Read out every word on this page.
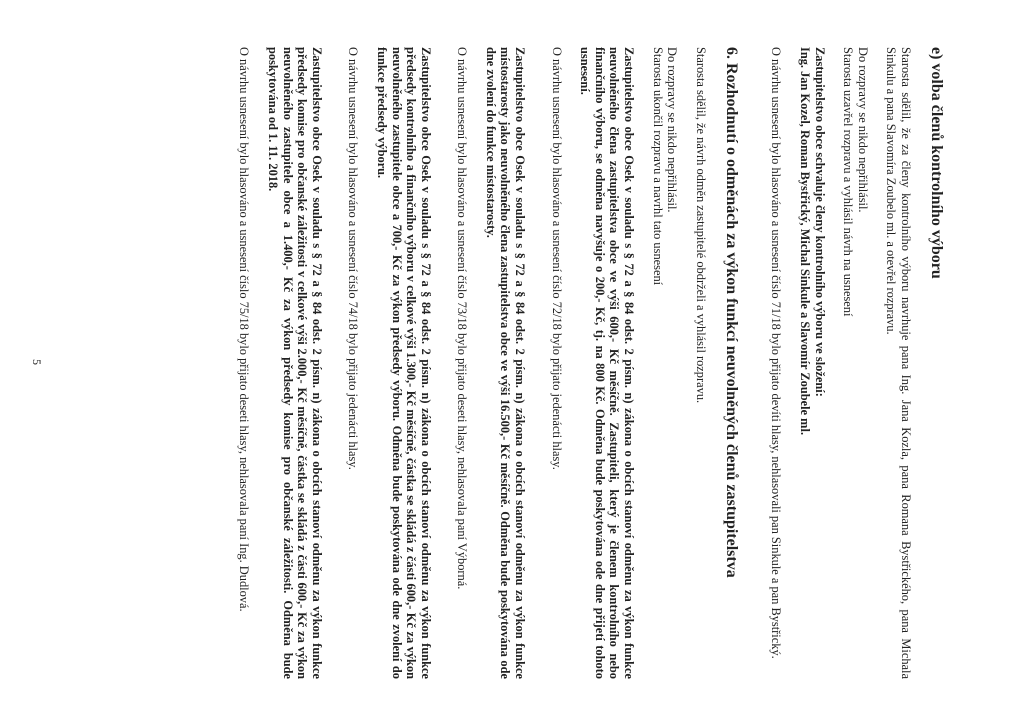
e) volba členů kontrolního výboru

Starosta sdělil, že za členy kontrolního výboru navrhuje pana Ing. Jana Kozla, pana Romana Bystřického, pana Michala Sinkulu a pana Slavomíra Zoubelo ml. a otevřel rozpravu.

Do rozpravy se nikdo nepřihlásil.

Starosta uzavřel rozpravu a vyhlásil návrh na usnesení

Zastupitelstvo obce schvaluje členy kontrolního výboru ve složení:

Ing. Jan Kozel, Roman Bystřický, Michal Sinkule a Slavomír Zoubele ml.

O návrhu usnesení bylo hlasováno a usnesení číslo 71/18 bylo přijato devíti hlasy, nehlasovali pan Sinkule a pan Bystřický.

6. Rozhodnutí o odměnách za výkon funkcí neuvolněných členů zastupitelstva

Starosta sdělil, že návrh odměn zastupitelé obdrželi a vyhlásil rozpravu.

Do rozpravy se nikdo nepřihlásil.

Starosta ukončil rozpravu a navrhl tato usnesení

Zastupitelstvo obce Osek v souladu s § 72 a § 84 odst. 2 písm. n) zákona o obcích stanoví odměnu za výkon funkce neuvolněného člena zastupitelstva obce ve výši 600,- Kč měsíčně. Zastupiteli, který je členem kontrolního nebo finančního výboru, se odměna navyšuje o 200,- Kč, tj. na 800 Kč. Odměna bude poskytována ode dne přijetí tohoto usnesení.

O návrhu usnesení bylo hlasováno a usnesení číslo 72/18 bylo přijato jedenácti hlasy.

Zastupitelstvo obce Osek v souladu s § 72 a § 84 odst. 2 písm. n) zákona o obcích stanoví odměnu za výkon funkce místostarosty jako neuvolněného člena zastupitelstva obce ve výši 16.500,- Kč měsíčně. Odměna bude poskytována ode dne zvolení do funkce místostarosty.

O návrhu usnesení bylo hlasováno a usnesení číslo 73/18 bylo přijato deseti hlasy, nehlasovala paní Výborná.

Zastupitelstvo obce Osek v souladu s § 72 a § 84 odst. 2 písm. n) zákona o obcích stanoví odměnu za výkon funkce předsedy kontrolního a finančního výboru v celkové výši 1.300,- Kč měsíčně, částka se skládá z části 600,- Kč za výkon neuvolněného zastupitele obce a 700,- Kč za výkon předsedy výboru. Odměna bude poskytována ode dne zvolení do funkce předsedy výboru.

O návrhu usnesení bylo hlasováno a usnesení číslo 74/18 bylo přijato jedenácti hlasy.

Zastupitelstvo obce Osek v souladu s § 72 a § 84 odst. 2 písm. n) zákona o obcích stanoví odměnu za výkon funkce předsedy komise pro občanské záležitosti v celkové výši 2.000,- Kč měsíčně, částka se skládá z části 600,- Kč za výkon neuvolněného zastupitele obce a 1.400,- Kč za výkon předsedy komise pro občanské záležitosti. Odměna bude poskytována od 1. 11. 2018.

O návrhu usnesení bylo hlasováno a usnesení číslo 75/18 bylo přijato deseti hlasy, nehlasovala paní Ing. Dudlová.

5
